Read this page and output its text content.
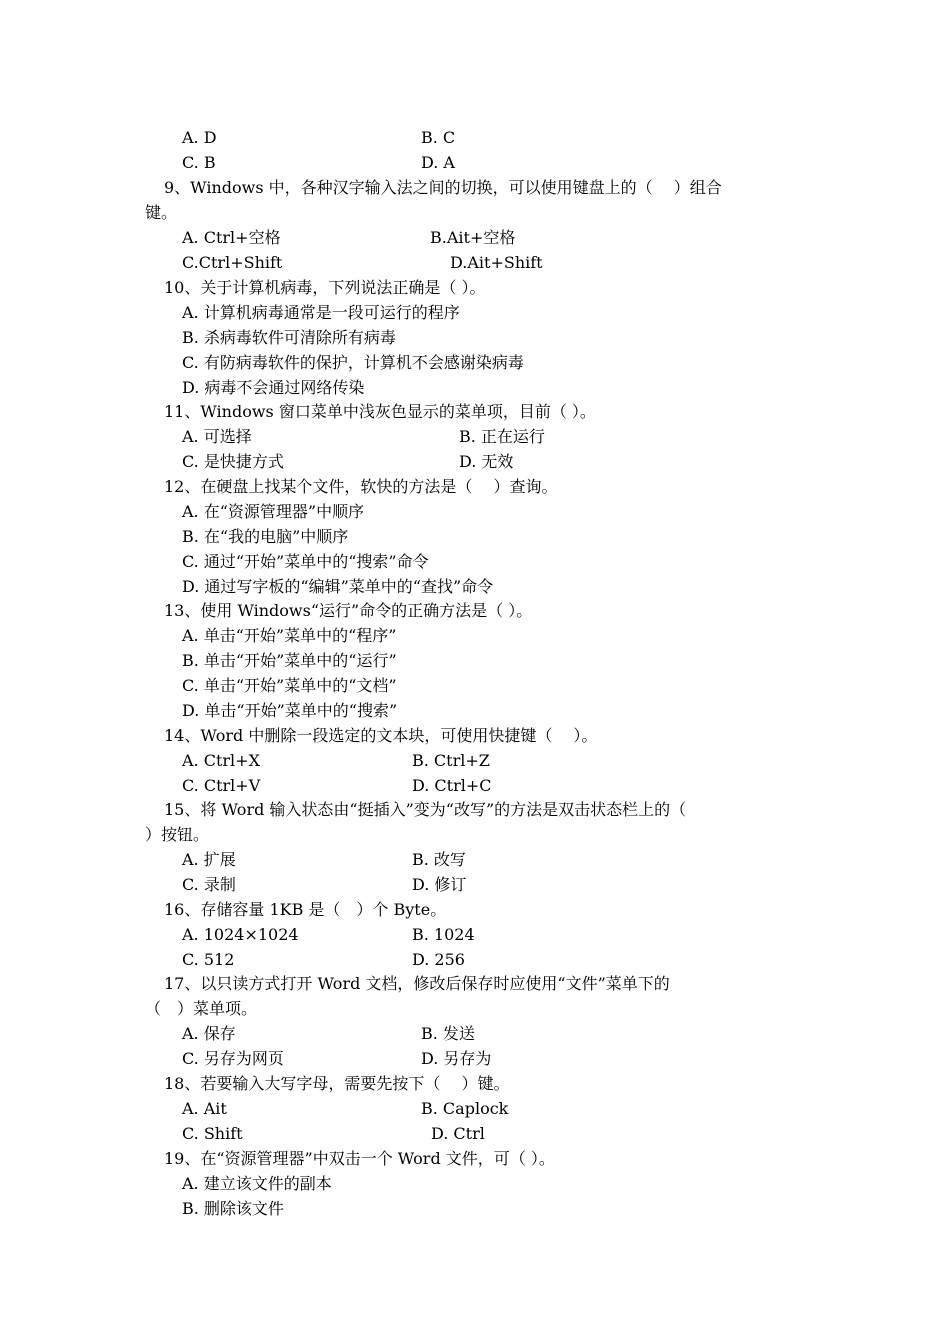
A. D	B. C
C. B	D. A
9、Windows 中，各种汉字输入法之间的切换，可以使用键盘上的（　 ）组合
键。
A. Ctrl+空格	B.Ait+空格
C.Ctrl+Shift	D.Ait+Shift
10、关于计算机病毒，下列说法正确是（ ）。
A. 计算机病毒通常是一段可运行的程序
B. 杀病毒软件可清除所有病毒
C. 有防病毒软件的保护，计算机不会感谢染病毒
D. 病毒不会通过网络传染
11、Windows 窗口菜单中浅灰色显示的菜单项，目前（ ）。
A. 可选择	B. 正在运行
C. 是快捷方式	D. 无效
12、在硬盘上找某个文件，软快的方法是（　 ）查询。
A. 在“资源管理器”中顺序
B. 在“我的电脑”中顺序
C. 通过“开始”菜单中的“搜索”命令
D. 通过写字板的“编辑”菜单中的“查找”命令
13、使用 Windows“运行”命令的正确方法是（ ）。
A. 单击“开始”菜单中的“程序”
B. 单击“开始”菜单中的“运行”
C. 单击“开始”菜单中的“文档”
D. 单击“开始”菜单中的“搜索”
14、Word 中删除一段选定的文本块，可使用快捷键（　 ）。
A. Ctrl+X	B. Ctrl+Z
C. Ctrl+V	D. Ctrl+C
15、将 Word 输入状态由“挺插入”变为“改写”的方法是双击状态栏上的（
）按钮。
A. 扩展	B. 改写
C. 录制	D. 修订
16、存储容量 1KB 是（　）个 Byte。
A. 1024×1024	B. 1024
C. 512	D. 256
17、以只读方式打开 Word 文档，修改后保存时应使用“文件”菜单下的
（　）菜单项。
A. 保存	B. 发送
C. 另存为网页	D. 另存为
18、若要输入大写字母，需要先按下（　 ）键。
A. Ait	B. Caplock
C. Shift	D. Ctrl
19、在“资源管理器”中双击一个 Word 文件，可（ ）。
A. 建立该文件的副本
B. 删除该文件
